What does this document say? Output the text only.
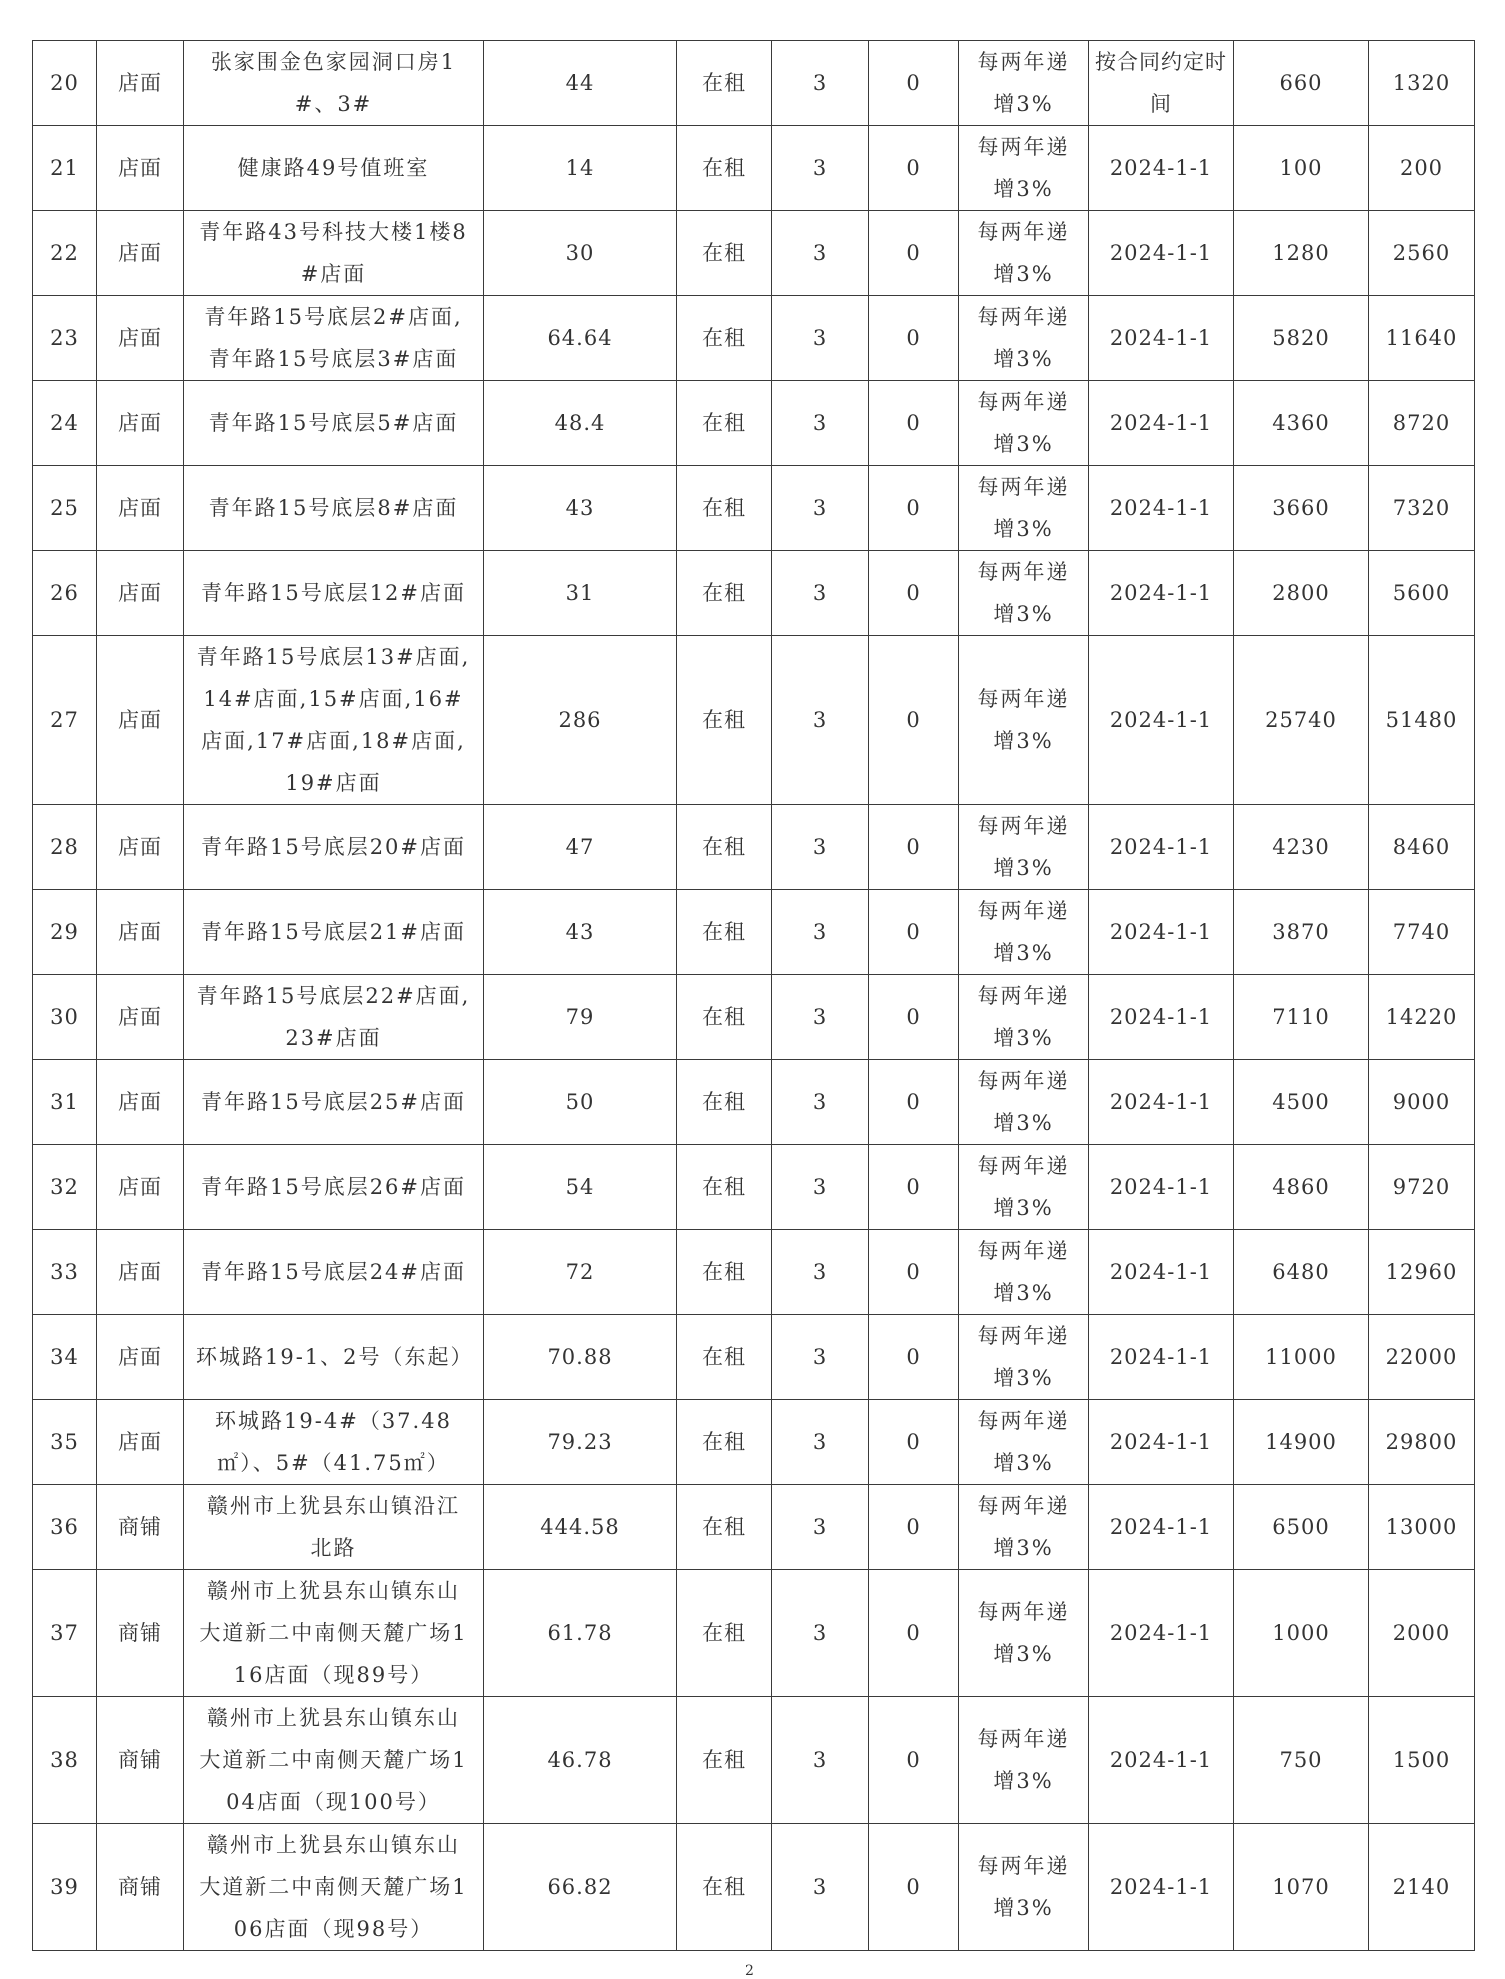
20	店面	张家围金色家园洞口房1#、3#	44	在租	3	0	每两年递增3%	按合同约定时间	660	1320
21	店面	健康路49号值班室	14	在租	3	0	每两年递增3%	2024-1-1	100	200
22	店面	青年路43号科技大楼1楼8#店面	30	在租	3	0	每两年递增3%	2024-1-1	1280	2560
23	店面	青年路15号底层2#店面,青年路15号底层3#店面	64.64	在租	3	0	每两年递增3%	2024-1-1	5820	11640
24	店面	青年路15号底层5#店面	48.4	在租	3	0	每两年递增3%	2024-1-1	4360	8720
25	店面	青年路15号底层8#店面	43	在租	3	0	每两年递增3%	2024-1-1	3660	7320
26	店面	青年路15号底层12#店面	31	在租	3	0	每两年递增3%	2024-1-1	2800	5600
27	店面	青年路15号底层13#店面,14#店面,15#店面,16#店面,17#店面,18#店面,19#店面	286	在租	3	0	每两年递增3%	2024-1-1	25740	51480
28	店面	青年路15号底层20#店面	47	在租	3	0	每两年递增3%	2024-1-1	4230	8460
29	店面	青年路15号底层21#店面	43	在租	3	0	每两年递增3%	2024-1-1	3870	7740
30	店面	青年路15号底层22#店面,23#店面	79	在租	3	0	每两年递增3%	2024-1-1	7110	14220
31	店面	青年路15号底层25#店面	50	在租	3	0	每两年递增3%	2024-1-1	4500	9000
32	店面	青年路15号底层26#店面	54	在租	3	0	每两年递增3%	2024-1-1	4860	9720
33	店面	青年路15号底层24#店面	72	在租	3	0	每两年递增3%	2024-1-1	6480	12960
34	店面	环城路19-1、2号（东起）	70.88	在租	3	0	每两年递增3%	2024-1-1	11000	22000
35	店面	环城路19-4#（37.48㎡）、5#（41.75㎡）	79.23	在租	3	0	每两年递增3%	2024-1-1	14900	29800
36	商铺	赣州市上犹县东山镇沿江北路	444.58	在租	3	0	每两年递增3%	2024-1-1	6500	13000
37	商铺	赣州市上犹县东山镇东山大道新二中南侧天麓广场116店面（现89号）	61.78	在租	3	0	每两年递增3%	2024-1-1	1000	2000
38	商铺	赣州市上犹县东山镇东山大道新二中南侧天麓广场104店面（现100号）	46.78	在租	3	0	每两年递增3%	2024-1-1	750	1500
39	商铺	赣州市上犹县东山镇东山大道新二中南侧天麓广场106店面（现98号）	66.82	在租	3	0	每两年递增3%	2024-1-1	1070	2140
2
